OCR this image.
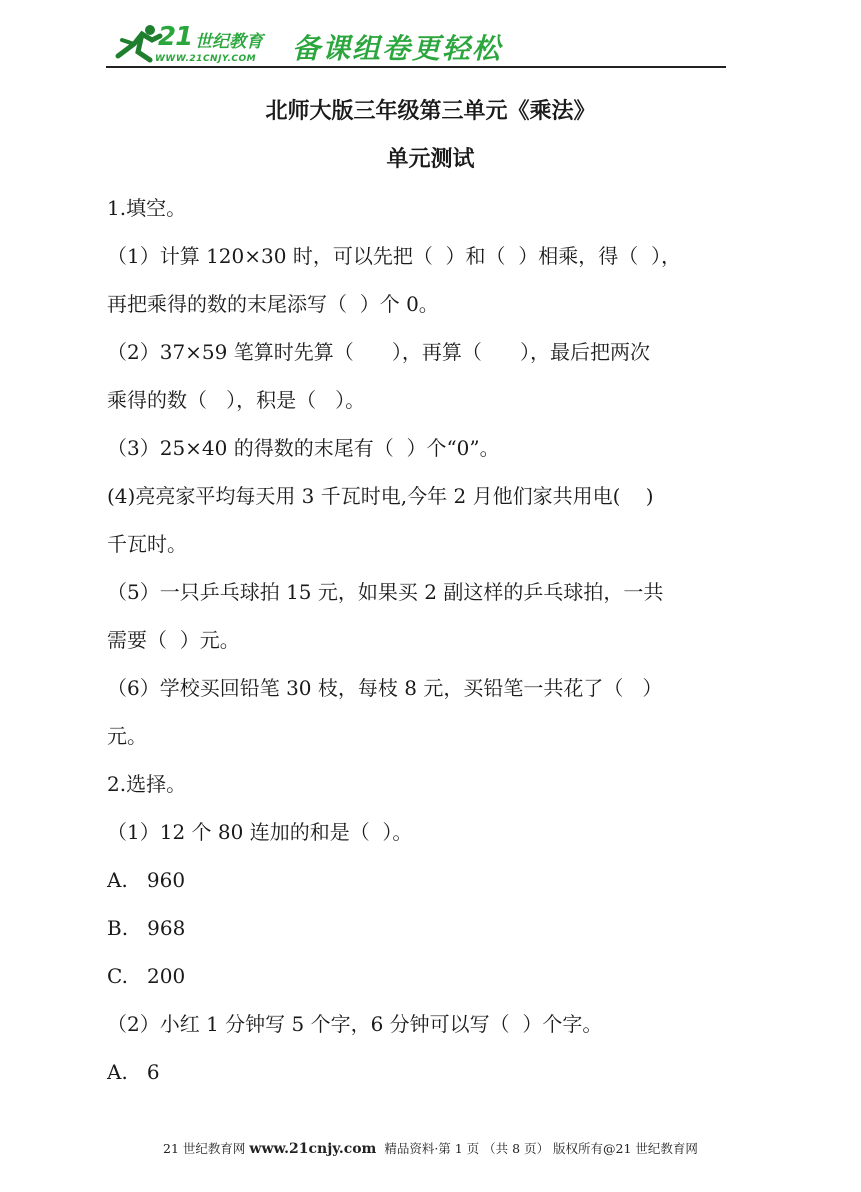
21 世纪教育
WWW.21CNJY.COM 备课组卷更轻松
北师大版三年级第三单元《乘法》
单元测试
1.填空。
（1）计算 120×30 时，可以先把（  ）和（  ）相乘，得（  ），
再把乘得的数的末尾添写（  ）个 0。
（2）37×59 笔算时先算（      ），再算（      ），最后把两次
乘得的数（   ），积是（   ）。
（3）25×40 的得数的末尾有（  ）个“0”。
(4)亮亮家平均每天用 3 千瓦时电,今年 2 月他们家共用电(    )
千瓦时。
（5）一只乒乓球拍 15 元，如果买 2 副这样的乒乓球拍，一共
需要（  ）元。
（6）学校买回铅笔 30 枝，每枝 8 元，买铅笔一共花了（   ）
元。
2.选择。
（1）12 个 80 连加的和是（  ）。
A.   960
B.   968
C.   200
（2）小红 1 分钟写 5 个字，6 分钟可以写（  ）个字。
A.   6
21 世纪教育网 www.21cnjy.com 精品资料·第 1 页 （共 8 页） 版权所有@21 世纪教育网
